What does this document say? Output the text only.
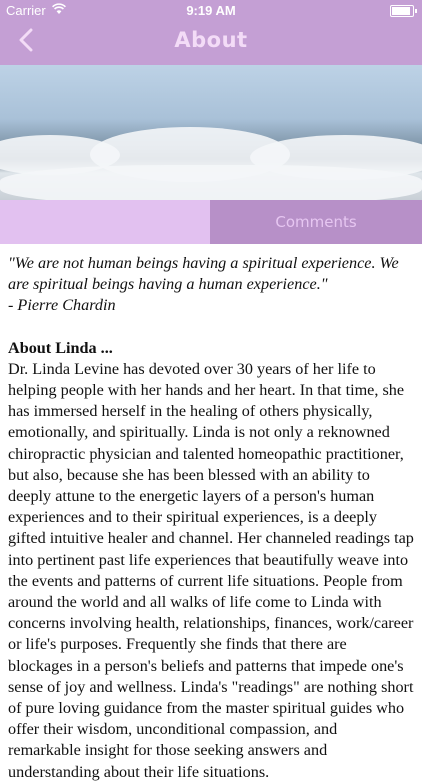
Carrier	9:19 AM
About
Comments

"We are not human beings having a spiritual experience. We are spiritual beings having a human experience."

- Pierre Chardin

About Linda ...

Dr. Linda Levine has devoted over 30 years of her life to helping people with her hands and her heart. In that time, she has immersed herself in the healing of others physically, emotionally, and spiritually. Linda is not only a reknowned chiropractic physician and talented homeopathic practitioner, but also, because she has been blessed with an ability to deeply attune to the energetic layers of a person's human experiences and to their spiritual experiences, is a deeply gifted intuitive healer and channel. Her channeled readings tap into pertinent past life experiences that beautifully weave into the events and patterns of current life situations. People from around the world and all walks of life come to Linda with concerns involving health, relationships, finances, work/career or life's purposes. Frequently she finds that there are blockages in a person's beliefs and patterns that impede one's sense of joy and wellness. Linda's "readings" are nothing short of pure loving guidance from the master spiritual guides who offer their wisdom, unconditional compassion, and remarkable insight for those seeking answers and understanding about their life situations.
